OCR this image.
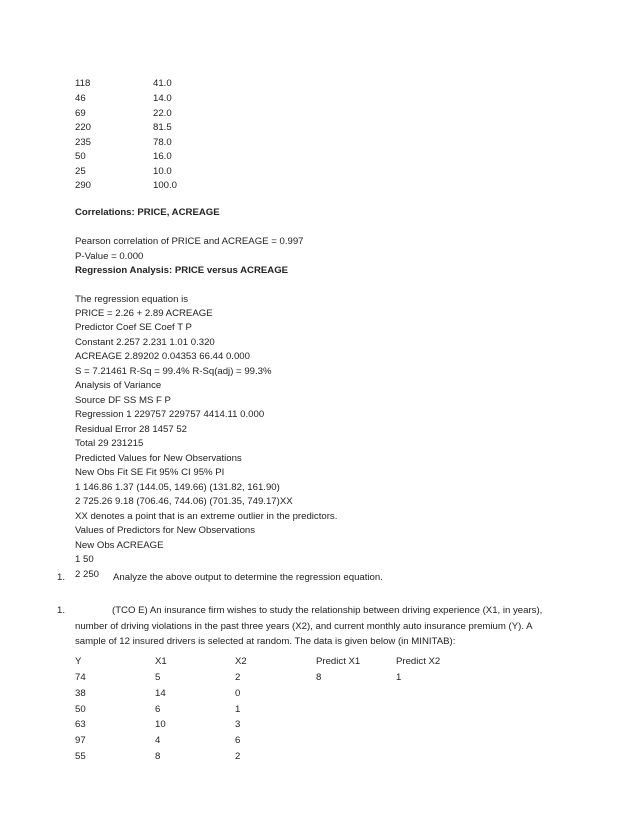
118	41.0
46	14.0
69	22.0
220	81.5
235	78.0
50	16.0
25	10.0
290	100.0
Correlations: PRICE, ACREAGE
Pearson correlation of PRICE and ACREAGE = 0.997
P-Value = 0.000
Regression Analysis: PRICE versus ACREAGE
The regression equation is
PRICE = 2.26 + 2.89 ACREAGE
Predictor Coef SE Coef T P
Constant 2.257 2.231 1.01 0.320
ACREAGE 2.89202 0.04353 66.44 0.000
S = 7.21461 R-Sq = 99.4% R-Sq(adj) = 99.3%
Analysis of Variance
Source DF SS MS F P
Regression 1 229757 229757 4414.11 0.000
Residual Error 28 1457 52
Total 29 231215
Predicted Values for New Observations
New Obs Fit SE Fit 95% CI 95% PI
1 146.86 1.37 (144.05, 149.66) (131.82, 161.90)
2 725.26 9.18 (706.46, 744.06) (701.35, 749.17)XX
XX denotes a point that is an extreme outlier in the predictors.
Values of Predictors for New Observations
New Obs ACREAGE
1 50
2 250
1.	Analyze the above output to determine the regression equation.
1.	(TCO E) An insurance firm wishes to study the relationship between driving experience (X1, in years),
number of driving violations in the past three years (X2), and current monthly auto insurance premium (Y). A sample of 12 insured drivers is selected at random. The data is given below (in MINITAB):
Y	X1	X2	Predict X1	Predict X2
74	5	2	8	1
38	14	0
50	6	1
63	10	3
97	4	6
55	8	2
